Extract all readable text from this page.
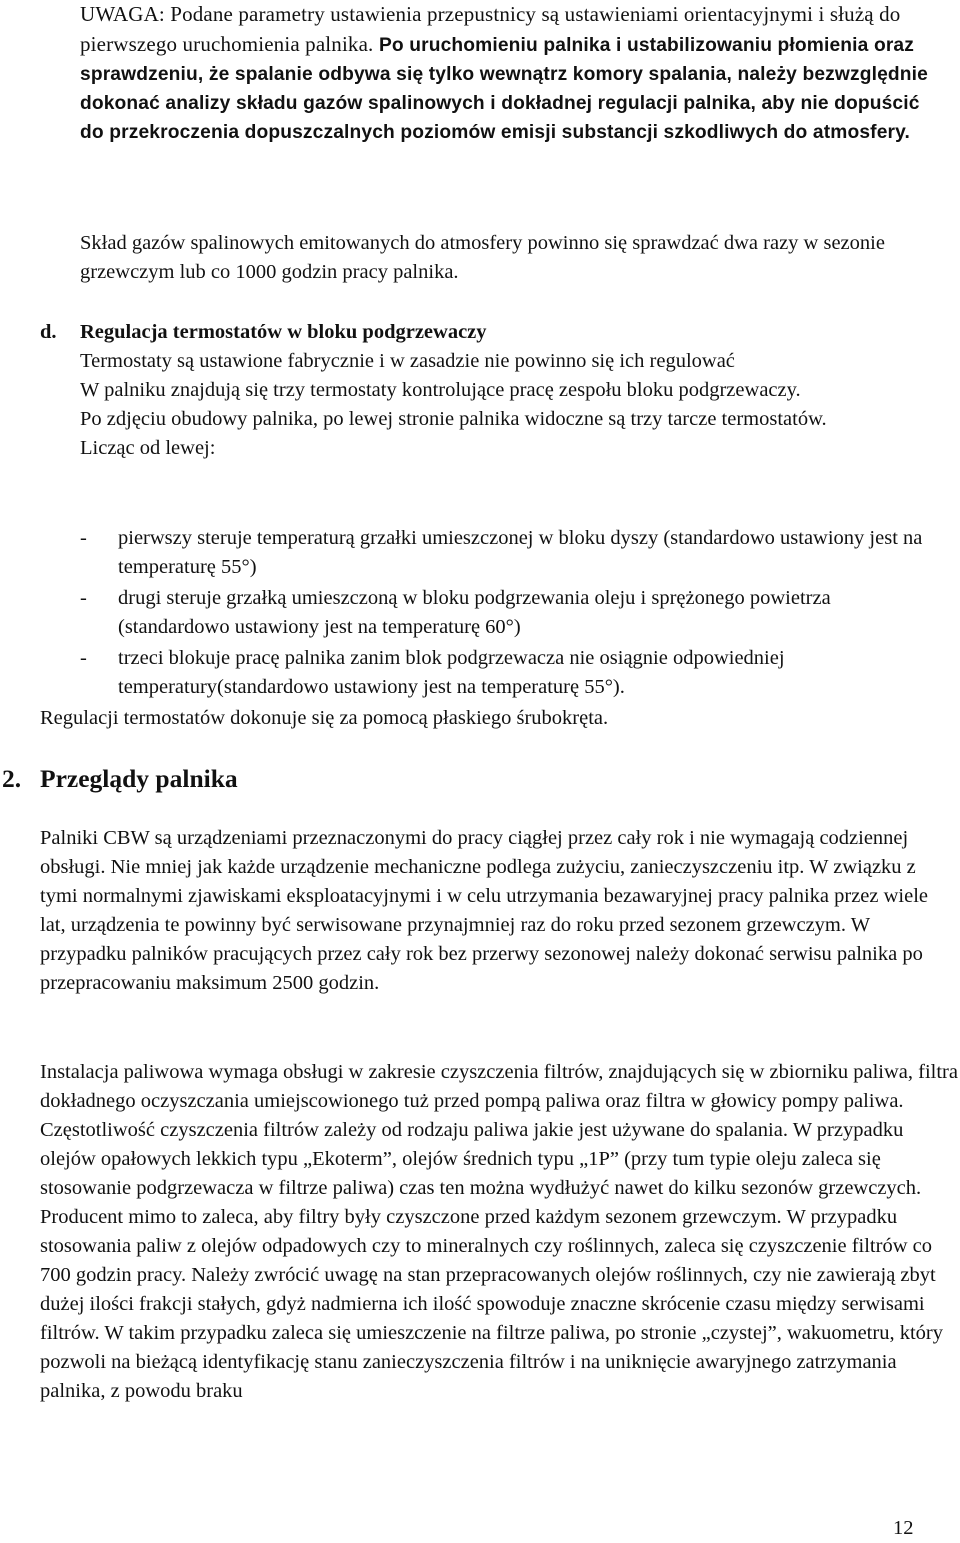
UWAGA: Podane parametry ustawienia przepustnicy są ustawieniami orientacyjnymi i służą do pierwszego uruchomienia palnika. Po uruchomieniu palnika i ustabilizowaniu płomienia oraz sprawdzeniu, że spalanie odbywa się tylko wewnątrz komory spalania, należy bezwzględnie dokonać analizy składu gazów spalinowych i dokładnej regulacji palnika, aby nie dopuścić do przekroczenia dopuszczalnych poziomów emisji substancji szkodliwych do atmosfery.
Skład gazów spalinowych emitowanych do atmosfery powinno się sprawdzać dwa razy w sezonie grzewczym lub co 1000 godzin pracy palnika.
d. Regulacja termostatów w bloku podgrzewaczy

Termostaty są ustawione fabrycznie i w zasadzie nie powinno się ich regulować

W palniku znajdują się trzy termostaty kontrolujące pracę zespołu bloku podgrzewaczy.

Po zdjęciu obudowy palnika, po lewej stronie palnika widoczne są trzy tarcze termostatów.

Licząc od lewej:

- pierwszy steruje temperaturą grzałki umieszczonej w bloku dyszy (standardowo ustawiony jest na temperaturę 55°)
- drugi steruje grzałką umieszczoną w bloku podgrzewania oleju i sprężonego powietrza (standardowo ustawiony jest na temperaturę 60°)
- trzeci blokuje pracę palnika zanim blok podgrzewacza nie osiągnie odpowiedniej temperatury(standardowo ustawiony jest na temperaturę 55°).
Regulacji termostatów dokonuje się za pomocą płaskiego śrubokręta.
2. Przeglądy palnika

Palniki CBW są urządzeniami przeznaczonymi do pracy ciągłej przez cały rok i nie wymagają codziennej obsługi. Nie mniej jak każde urządzenie mechaniczne podlega zużyciu, zanieczyszczeniu itp. W związku z tymi normalnymi zjawiskami eksploatacyjnymi i w celu utrzymania bezawaryjnej pracy palnika przez wiele lat, urządzenia te powinny być serwisowane przynajmniej raz do roku przed sezonem grzewczym. W przypadku palników pracujących przez cały rok bez przerwy sezonowej należy dokonać serwisu palnika po przepracowaniu maksimum 2500 godzin.

Instalacja paliwowa wymaga obsługi w zakresie czyszczenia filtrów, znajdujących się w zbiorniku paliwa, filtra dokładnego oczyszczania umiejscowionego tuż przed pompą paliwa oraz filtra w głowicy pompy paliwa. Częstotliwość czyszczenia filtrów zależy od rodzaju paliwa jakie jest używane do spalania. W przypadku olejów opałowych lekkich typu „Ekoterm”, olejów średnich typu „1P” (przy tum typie oleju zaleca się stosowanie podgrzewacza w filtrze paliwa) czas ten można wydłużyć nawet do kilku sezonów grzewczych. Producent mimo to zaleca, aby filtry były czyszczone przed każdym sezonem grzewczym. W przypadku stosowania paliw z olejów odpadowych czy to mineralnych czy roślinnych, zaleca się czyszczenie filtrów co 700 godzin pracy. Należy zwrócić uwagę na stan przepracowanych olejów roślinnych, czy nie zawierają zbyt dużej ilości frakcji stałych, gdyż nadmierna ich ilość spowoduje znaczne skrócenie czasu między serwisami filtrów. W takim przypadku zaleca się umieszczenie na filtrze paliwa, po stronie „czystej”, wakuometru, który pozwoli na bieżącą identyfikację stanu zanieczyszczenia filtrów i na uniknięcie awaryjnego zatrzymania palnika, z powodu braku

12
